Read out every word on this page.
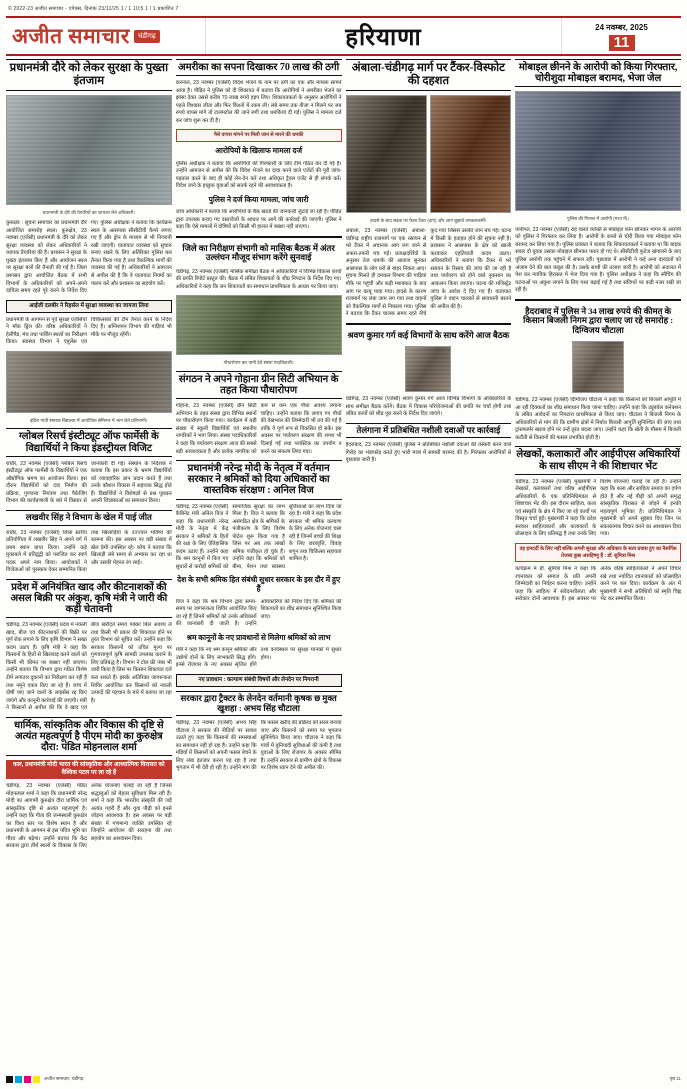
© 2022-23 अजीत समाचार - एपेक्स, दिनांक 23/11/25 1 / 1 10:5 1 / 1 प्रकाशित 7
अजीत समाचार	चंडीगढ़	हरियाणा	24 नवम्बर, 2025
11
प्रधानमंत्री दौरे को लेकर सुरक्षा के पुख्ता इंतजाम
प्रधानमंत्री के दौरे की तैयारियों का जायजा लेते अधिकारी।
कुरुक्षेत्र : सूचना समाचार का प्रधानमंत्री दौरे आयोजित समारोह स्थल। कुरुक्षेत्र, 23 नवम्बर (एजेंसी) प्रधानमंत्री के दौरे को लेकर सुरक्षा व्यवस्था को लेकर अधिकारियों ने व्यापक तैयारियां की हैं। प्रशासन ने सुरक्षा के पुख्ता इंतजाम किए हैं और आयोजन स्थल पर सुरक्षा बलों की तैनाती की गई है। जिला प्रशासन द्वारा आयोजित बैठक में सभी विभागों के अधिकारियों को अपने-अपने दायित्व समय रहते पूरे करने के निर्देश दिए गए। पुलिस अधीक्षक ने बताया कि कार्यक्रम स्थल के आसपास सीसीटीवी कैमरे लगाए गए हैं और ड्रोन के माध्यम से भी निगरानी रखी जाएगी। यातायात व्यवस्था को सुचारु बनाए रखने के लिए अतिरिक्त पुलिस बल तैनात किया गया है तथा वैकल्पिक मार्गों की व्यवस्था की गई है। अधिकारियों ने आमजन से अपील की है कि वे यातायात नियमों का पालन करें और प्रशासन का सहयोग करें।
आईजी दलबीर ने रिहर्सल में सुरक्षा व्यवस्था का जायजा लिया
प्रधानमंत्री के आगमन से पूर्व सुरक्षा एजेंसियों ने मॉक ड्रिल की। वरिष्ठ अधिकारियों ने हेलीपैड, मंच तथा पार्किंग स्थलों का निरीक्षण किया। स्वास्थ्य विभाग ने एंबुलेंस एवं चिकित्सकों की टीम तैनात करने के निर्देश दिए हैं। अग्निशमन विभाग की गाड़ियां भी मौके पर मौजूद रहेंगी।
इंदिरा गांधी स्मारक विद्यालय में आयोजित सेमिनार में भाग लेते प्रतिभागी।
ग्लोबल रिसर्च इंस्टीट्यूट ऑफ फार्मेसी के विद्यार्थियों ने किया इंडस्ट्रीयल विजिट
राधौर, 23 नवम्बर (एजेंसी) ग्लोबल रिसर्च इंस्टीट्यूट ऑफ फार्मेसी के विद्यार्थियों ने एक औद्योगिक भ्रमण का आयोजन किया। इस दौरान विद्यार्थियों को दवा निर्माण की प्रक्रिया, गुणवत्ता नियंत्रण तथा पैकेजिंग विभाग की कार्यप्रणाली के बारे में विस्तार से जानकारी दी गई। संस्थान के निदेशक ने बताया कि इस प्रकार के भ्रमण विद्यार्थियों को व्यावहारिक ज्ञान प्रदान करते हैं तथा उनके कौशल विकास में सहायक सिद्ध होते हैं। विद्यार्थियों ने विशेषज्ञों से प्रश्न पूछकर अपनी जिज्ञासाओं का समाधान किया।
लखवीर सिंह ने विभाग के खेल में पाई जीत
राधौर, 23 नवम्बर (एजेंसी) जिला स्तरीय प्रतियोगिता में लखवीर सिंह ने अपने वर्ग में प्रथम स्थान प्राप्त किया। उन्होंने कड़े मुकाबले में प्रतिद्वंद्वी को पराजित कर स्वर्ण पदक अपने नाम किया। आयोजकों ने विजेताओं को पुरस्कार देकर सम्मानित किया तथा खिलाड़ियों के उज्ज्वल भविष्य की कामना की। इस अवसर पर बड़ी संख्या में खेल प्रेमी उपस्थित रहे। कोच ने बताया कि खिलाड़ी लंबे समय से अभ्यास कर रहा था और उसकी मेहनत रंग लाई।
प्रदेश में अनियंत्रित खाद और कीटनाशकों की असल बिक्री पर अंकुश, कृषि मंत्री ने जारी की कड़ी चेतावनी
चंडीगढ़, 23 नवम्बर (एजेंसी) प्रदेश में नकली खाद, बीज एवं कीटनाशकों की बिक्री पर पूर्ण रोक लगाने के लिए कृषि विभाग ने सख्त कदम उठाए हैं। कृषि मंत्री ने कहा कि किसानों के हितों से खिलवाड़ करने वालों को किसी भी कीमत पर बख्शा नहीं जाएगा। उन्होंने बताया कि विभाग द्वारा गठित विशेष टीमें लगातार दुकानों का निरीक्षण कर रही हैं तथा नमूने एकत्र किए जा रहे हैं। जांच में दोषी पाए जाने वालों के लाइसेंस रद्द किए जाएंगे और कानूनी कार्रवाई की जाएगी। मंत्री ने किसानों से अपील की कि वे खाद एवं बीज खरीदते समय पक्का बिल अवश्य लें तथा किसी भी प्रकार की शिकायत होने पर तुरंत विभाग को सूचित करें। उन्होंने कहा कि सरकार किसानों को उचित मूल्य पर गुणवत्तापूर्ण कृषि सामग्री उपलब्ध कराने के लिए प्रतिबद्ध है। विभाग ने टोल फ्री नंबर भी जारी किया है जिस पर किसान शिकायत दर्ज करा सकते हैं। इसके अतिरिक्त जागरूकता शिविर आयोजित कर किसानों को नकली उत्पादों की पहचान के बारे में बताया जा रहा है।
धार्मिक, सांस्कृतिक और विकास की दृष्टि से अत्यंत महत्वपूर्ण है पीएम मोदी का कुरुक्षेत्र दौरा: पंडित मोहनलाल शर्मा
कल, प्रधानमंत्री मोदी भारत की सांस्कृतिक और आध्यात्मिक विरासत को वैश्विक पटल पर ला रहे हैं
चंडीगढ़, 23 नवम्बर (एजेंसी) पंडित मोहनलाल शर्मा ने कहा कि प्रधानमंत्री नरेन्द्र मोदी का आगामी कुरुक्षेत्र दौरा धार्मिक एवं सांस्कृतिक दृष्टि से अत्यंत महत्वपूर्ण है। उन्होंने कहा कि गीता की जन्मस्थली कुरुक्षेत्र का विश्व स्तर पर विशेष स्थान है और प्रधानमंत्री के आगमन से इस पवित्र भूमि का गौरव और बढ़ेगा। उन्होंने बताया कि केंद्र सरकार द्वारा तीर्थ स्थलों के विकास के लिए अनेक योजनाएं चलाई जा रही हैं जिनसे श्रद्धालुओं को बेहतर सुविधाएं मिल रही हैं। शर्मा ने कहा कि भारतीय संस्कृति की जड़ें अत्यंत गहरी हैं और युवा पीढ़ी को इनसे जोड़ना आवश्यक है। इस अवसर पर बड़ी संख्या में गणमान्य व्यक्ति उपस्थित रहे जिन्होंने आयोजन की सराहना की तथा सहयोग का आश्वासन दिया।
अमरीका का सपना दिखाकर 70 लाख की ठगी
करनाल, 23 नवम्बर (एजेंसी) विदेश भेजने के नाम पर ठगी का एक और मामला सामने आया है। पीड़ित ने पुलिस को दी शिकायत में बताया कि आरोपियों ने अमरीका भेजने का झांसा देकर उससे करीब 70 लाख रुपये हड़प लिए। शिकायतकर्ता के अनुसार आरोपियों ने पहले विश्वास जीता और फिर किश्तों में रकम ली। लंबे समय तक वीजा न मिलने पर जब रुपये वापस मांगे तो टालमटोल की जाने लगी तथा धमकियां दी गईं। पुलिस ने मामला दर्ज कर जांच शुरू कर दी है।
पैसे वापस मांगने पर मिली जान से मारने की धमकी
आरोपियों के खिलाफ मामला दर्ज
पुलिस अधीक्षक ने बताया कि आरोपियों की गिरफ्तारी के लिए टीमें गठित कर दी गई हैं। उन्होंने आमजन से अपील की कि विदेश भेजने का दावा करने वाले एजेंटों की पूरी जांच-पड़ताल करने के बाद ही कोई लेन-देन करें तथा अधिकृत ट्रैवल एजेंट से ही संपर्क करें। विदेश जाने के इच्छुक युवाओं को सतर्क रहने की आवश्यकता है।
पुलिस ने दर्ज किया मामला, जांच जारी
जांच अधिकारी ने बताया कि आरोपियों के बैंक खातों की जानकारी जुटाई जा रही है। पीड़ित द्वारा उपलब्ध कराए गए दस्तावेजों के आधार पर आगे की कार्रवाई की जाएगी। पुलिस ने कहा कि ऐसे मामलों में दोषियों को किसी भी हालत में बख्शा नहीं जाएगा।
जिले का निरीक्षण संभागी को मासिक बैठक में अंतर उल्लंघन मौजूद संभाग करेंगे सुनवाई
चंडीगढ़, 23 नवम्बर (एजेंसी) मासिक समीक्षा बैठक में अधिकारियों ने विभिन्न विकास कार्यों की प्रगति रिपोर्ट प्रस्तुत की। बैठक में लंबित शिकायतों के शीघ्र निपटान के निर्देश दिए गए। अधिकारियों ने कहा कि जन शिकायतों का समाधान प्राथमिकता के आधार पर किया जाए।
पौधारोपण कर पानी देते संस्था पदाधिकारी।
संगठन ने अपने गोहाना ग्रीन सिटी अभियान के तहत किया पौधारोपण
गोहाना, 23 नवम्बर (एजेंसी) ग्रीन सिटी अभियान के तहत संस्था द्वारा विभिन्न स्थानों पर पौधारोपण किया गया। कार्यक्रम में बड़ी संख्या में स्कूली विद्यार्थियों एवं स्थानीय नागरिकों ने भाग लिया। संस्था पदाधिकारियों ने कहा कि पर्यावरण संरक्षण आज की सबसे बड़ी आवश्यकता है और प्रत्येक नागरिक को कम से कम एक पौधा अवश्य लगाना चाहिए। उन्होंने बताया कि लगाए गए पौधों की देखभाल की जिम्मेदारी भी तय की गई है ताकि वे पूर्ण रूप से विकसित हो सकें। इस अवसर पर पर्यावरण संरक्षण की शपथ भी दिलाई गई तथा प्लास्टिक का उपयोग न करने का संकल्प लिया गया।
प्रधानमंत्री नरेन्द्र मोदी के नेतृत्व में वर्तमान सरकार ने श्रमिकों को दिया अधिकारों का वास्तविक संरक्षण : अनिल विज
चंडीगढ़, 23 नवम्बर (एजेंसी) कैबिनेट मंत्री अनिल विज ने कहा कि प्रधानमंत्री नरेन्द्र मोदी के नेतृत्व में केंद्र सरकार ने श्रमिकों के हितों की रक्षा के लिए ऐतिहासिक कदम उठाए हैं। उन्होंने कहा कि श्रम कानूनों में किए गए सुधारों से करोड़ों श्रमिकों को सामाजिक सुरक्षा का लाभ मिला है। विज ने बताया कि असंगठित क्षेत्र के श्रमिकों के पंजीकरण के लिए विशेष पोर्टल शुरू किया गया है जिस पर अब तक लाखों श्रमिक पंजीकृत हो चुके हैं। उन्होंने कहा कि श्रमिकों को बीमा, पेंशन तथा स्वास्थ्य सुविधाओं का लाभ दिया जा रहा है। मंत्री ने कहा कि प्रदेश सरकार भी श्रमिक कल्याण के लिए अनेक योजनाएं चला रही है जिनमें बच्चों की शिक्षा के लिए छात्रवृत्ति, विवाह शगुन तथा चिकित्सा सहायता शामिल है।
देश के सभी श्रमिक हित संबंधी सुधार सरकार के इस दौर में हुए हैं
विज ने कहा कि श्रम विभाग द्वारा समय-समय पर जागरूकता शिविर आयोजित किए जा रहे हैं जिनमें श्रमिकों को उनके अधिकारों की जानकारी दी जाती है। उन्होंने अधिकारियों को निर्देश दिए कि श्रमिकों की शिकायतों का शीघ्र समाधान सुनिश्चित किया जाए।
श्रम कानूनों के नए प्रावधानों से मिलेगा श्रमिकों को लाभ
मंत्री ने कहा कि नए श्रम कानून श्रमिकों और उद्योगों दोनों के लिए लाभकारी सिद्ध होंगे। इनसे रोजगार के नए अवसर सृजित होंगे तथा कार्यस्थल पर सुरक्षा मानकों में सुधार होगा।
नए प्रावधान : कल्याण संबंधी विषयों और लेनदेन पर निगरानी
सरकार द्वारा ट्रैक्टर के लेनदेन वर्तमानी कृषक छ मुक्त खुशहा : अभय सिंह चौटाला
चंडीगढ़, 23 नवम्बर (एजेंसी) अभय सिंह चौटाला ने सरकार की नीतियों पर सवाल उठाते हुए कहा कि किसानों की समस्याओं का समाधान नहीं हो रहा है। उन्होंने कहा कि मंडियों में किसानों को अपनी फसल बेचने के लिए लंबा इंतजार करना पड़ रहा है तथा भुगतान में भी देरी हो रही है। उन्होंने मांग की कि फसल खरीद की प्रक्रिया को सरल बनाया जाए और किसानों को समय पर भुगतान सुनिश्चित किया जाए। चौटाला ने कहा कि गांवों में बुनियादी सुविधाओं की कमी है तथा युवाओं के लिए रोजगार के अवसर सीमित हैं। उन्होंने सरकार से ग्रामीण क्षेत्रों के विकास पर विशेष ध्यान देने की अपील की।
अंबाला-चंडीगढ़ मार्ग पर टैंकर-विस्फोट की दहशत
हादसे के बाद सड़क पर फैला टैंकर (दाएं) और आग बुझाते दमकलकर्मी।
अंबाला, 23 नवम्बर (एजेंसी) अंबाला-चंडीगढ़ राष्ट्रीय राजमार्ग पर एक रसायन से भरे टैंकर में अचानक आग लग जाने से अफरा-तफरी मच गई। प्रत्यक्षदर्शियों के अनुसार तेज धमाके की आवाज सुनकर आसपास के लोग घरों से बाहर निकल आए। सूचना मिलते ही दमकल विभाग की गाड़ियां मौके पर पहुंचीं और कड़ी मशक्कत के बाद आग पर काबू पाया गया। हादसे के कारण राजमार्ग पर लंबा जाम लग गया तथा वाहनों को वैकल्पिक मार्गों से निकाला गया। पुलिस ने बताया कि टैंकर चालक समय रहते नीचे कूद गया जिससे उसकी जान बच गई। घटना में किसी के हताहत होने की सूचना नहीं है। प्रशासन ने आसपास के क्षेत्र को खाली करवाकर एहतियाती कदम उठाए। अधिकारियों ने बताया कि टैंकर में भरे रसायन के रिसाव की जांच की जा रही है तथा पर्यावरण को होने वाले नुकसान का आकलन किया जाएगा। घटना की मजिस्ट्रेट जांच के आदेश दे दिए गए हैं। यातायात पुलिस ने वाहन चालकों से सावधानी बरतने की अपील की है।
श्रवण कुमार गर्ग कई विभागों के साथ करेंगे आज बैठक
चंडीगढ़, 23 नवम्बर (एजेंसी) श्रवण कुमार गर्ग आज विभिन्न विभागों के अधिकारियों के साथ समीक्षा बैठक करेंगे। बैठक में विकास परियोजनाओं की प्रगति पर चर्चा होगी तथा लंबित कार्यों को शीघ्र पूरा करने के निर्देश दिए जाएंगे।
तेलंगाना में प्रतिबंधित नशीली दवाओं पर कार्रवाई
हैदराबाद, 23 नवम्बर (एजेंसी) पुलिस ने प्रतिबंधित नशीली दवाओं की तस्करी करने वाले गिरोह का भंडाफोड़ करते हुए भारी मात्रा में सामग्री बरामद की है। गिरफ्तार आरोपियों से पूछताछ जारी है।
मोबाइल छीनने के आरोपी को किया गिरफ्तार, चोरीशुदा मोबाइल बरामद, भेजा जेल
पुलिस की गिरफ्त में आरोपी (मध्य में)।
पानीपत, 23 नवम्बर (एजेंसी) राह चलते व्यक्ति से मोबाइल फोन छीनकर भागने के आरोपी को पुलिस ने गिरफ्तार कर लिया है। आरोपी के कब्जे से चोरी किया गया मोबाइल फोन बरामद कर लिया गया है। पुलिस प्रवक्ता ने बताया कि शिकायतकर्ता ने बताया था कि बाइक सवार दो युवक उसका मोबाइल छीनकर फरार हो गए थे। सीसीटीवी फुटेज खंगालने के बाद पुलिस आरोपी तक पहुंचने में सफल रही। पूछताछ में आरोपी ने कई अन्य वारदातों को अंजाम देने की बात कबूल की है। उसके साथी की तलाश जारी है। आरोपी को अदालत में पेश कर न्यायिक हिरासत में भेज दिया गया है। पुलिस अधीक्षक ने कहा कि स्नैचिंग की घटनाओं पर अंकुश लगाने के लिए गश्त बढ़ाई गई है तथा संदिग्धों पर कड़ी नजर रखी जा रही है।
हैदराबाद में पुलिस ने 34 लाख रुपये की कीमत के किसान बिजली निगम द्वारा चलाए जा रहे समारोह : दिग्विजय चौटाला
चंडीगढ़, 23 नवम्बर (एजेंसी) दिग्विजय चौटाला ने कहा कि किसानों को बिजली आपूर्ति में आ रही दिक्कतों का शीघ्र समाधान किया जाना चाहिए। उन्होंने कहा कि ट्यूबवेल कनेक्शन के लंबित आवेदनों का निपटारा प्राथमिकता से किया जाए। चौटाला ने बिजली निगम के अधिकारियों से मांग की कि ग्रामीण क्षेत्रों में निर्बाध बिजली आपूर्ति सुनिश्चित की जाए तथा ट्रांसफार्मर खराब होने पर उन्हें तुरंत बदला जाए। उन्होंने कहा कि खेती के मौसम में बिजली कटौती से किसानों की फसल प्रभावित होती है।
लेखकों, कलाकारों और आईपीएस अधिकारियों के साथ सीएम ने की शिष्टाचार भेंट
चंडीगढ़, 23 नवम्बर (एजेंसी) मुख्यमंत्री ने लेखकों, कलाकारों तथा वरिष्ठ आईपीएस अधिकारियों के एक प्रतिनिधिमंडल से शिष्टाचार भेंट की। इस दौरान साहित्य, कला एवं संस्कृति के क्षेत्र में किए जा रहे कार्यों पर विस्तृत चर्चा हुई। मुख्यमंत्री ने कहा कि प्रदेश सरकार साहित्यकारों और कलाकारों के प्रोत्साहन के लिए प्रतिबद्ध है तथा उनके लिए विशेष योजनाएं चलाई जा रही हैं। उन्होंने कहा कि कला और साहित्य समाज का दर्पण होते हैं और नई पीढ़ी को अपनी समृद्ध सांस्कृतिक विरासत से जोड़ने में इनकी महत्वपूर्ण भूमिका है। प्रतिनिधिमंडल ने मुख्यमंत्री को अपने सुझाव दिए जिन पर सकारात्मक विचार करने का आश्वासन दिया गया।
वह हमदर्दी के लिए नहीं बल्कि अपनी सुरक्षा और अधिकार के सत्य प्रयास हुए का नैसर्गिक तेजस्व कुछ असहिष्णु हैं : डॉ. सुमित्रा मिश्र
कार्यक्रम में डॉ. सुमित्रा मिश्र ने कहा कि रचनाकार को समाज के प्रति अपनी जिम्मेदारी का निर्वहन करना चाहिए। उन्होंने कहा कि साहित्य में संवेदनशीलता और सरोकार दोनों आवश्यक हैं। इस अवसर पर अनेक वरिष्ठ साहित्यकारों ने अपने विचार रखे तथा नवोदित रचनाकारों को प्रोत्साहित करने पर बल दिया। कार्यक्रम के अंत में मुख्यमंत्री ने सभी अतिथियों को स्मृति चिह्न भेंट कर सम्मानित किया।
अजीत समाचार, चंडीगढ़	पृष्ठ 11
